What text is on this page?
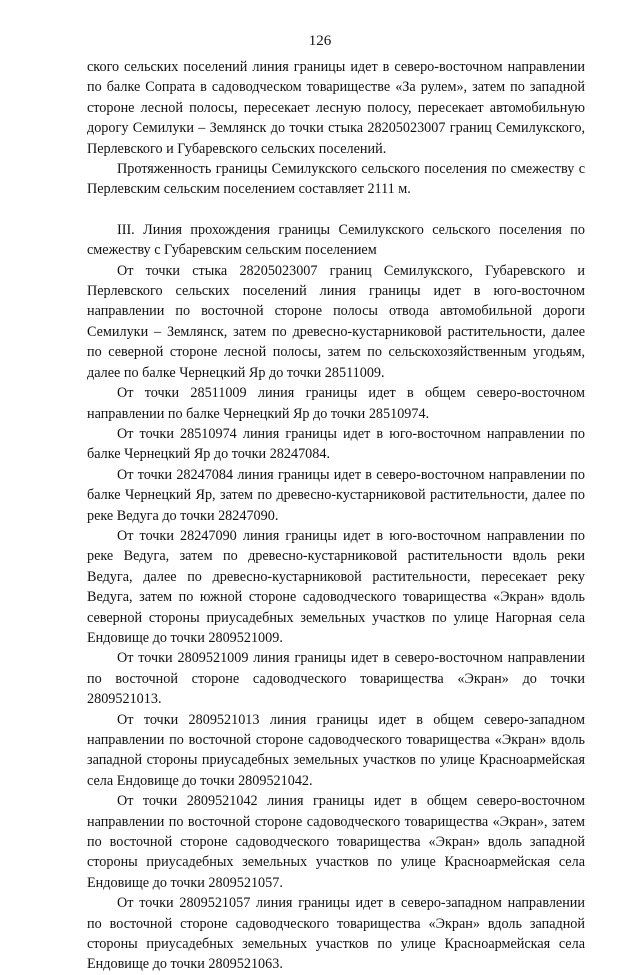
126

ского сельских поселений линия границы идет в северо-восточном направлении по балке Сопрата в садоводческом товариществе «За рулем», затем по западной стороне лесной полосы, пересекает лесную полосу, пересекает автомобильную дорогу Семилуки – Землянск до точки стыка 28205023007 границ Семилукского, Перлевского и Губаревского сельских поселений.

Протяженность границы Семилукского сельского поселения по смежеству с Перлевским сельским поселением составляет 2111 м.

III. Линия прохождения границы Семилукского сельского поселения по смежеству с Губаревским сельским поселением

От точки стыка 28205023007 границ Семилукского, Губаревского и Перлевского сельских поселений линия границы идет в юго-восточном направлении по восточной стороне полосы отвода автомобильной дороги Семилуки – Землянск, затем по древесно-кустарниковой растительности, далее по северной стороне лесной полосы, затем по сельскохозяйственным угодьям, далее по балке Чернецкий Яр до точки 28511009.

От точки 28511009 линия границы идет в общем северо-восточном направлении по балке Чернецкий Яр до точки 28510974.

От точки 28510974 линия границы идет в юго-восточном направлении по балке Чернецкий Яр до точки 28247084.

От точки 28247084 линия границы идет в северо-восточном направлении по балке Чернецкий Яр, затем по древесно-кустарниковой растительности, далее по реке Ведуга до точки 28247090.

От точки 28247090 линия границы идет в юго-восточном направлении по реке Ведуга, затем по древесно-кустарниковой растительности вдоль реки Ведуга, далее по древесно-кустарниковой растительности, пересекает реку Ведуга, затем по южной стороне садоводческого товарищества «Экран» вдоль северной стороны приусадебных земельных участков по улице Нагорная села Ендовище до точки 2809521009.

От точки 2809521009 линия границы идет в северо-восточном направлении по восточной стороне садоводческого товарищества «Экран» до точки 2809521013.

От точки 2809521013 линия границы идет в общем северо-западном направлении по восточной стороне садоводческого товарищества «Экран» вдоль западной стороны приусадебных земельных участков по улице Красноармейская села Ендовище до точки 2809521042.

От точки 2809521042 линия границы идет в общем северо-восточном направлении по восточной стороне садоводческого товарищества «Экран», затем по восточной стороне садоводческого товарищества «Экран» вдоль западной стороны приусадебных земельных участков по улице Красноармейская села Ендовище до точки 2809521057.

От точки 2809521057 линия границы идет в северо-западном направлении по восточной стороне садоводческого товарищества «Экран» вдоль западной стороны приусадебных земельных участков по улице Красноармейская села Ендовище до точки 2809521063.
